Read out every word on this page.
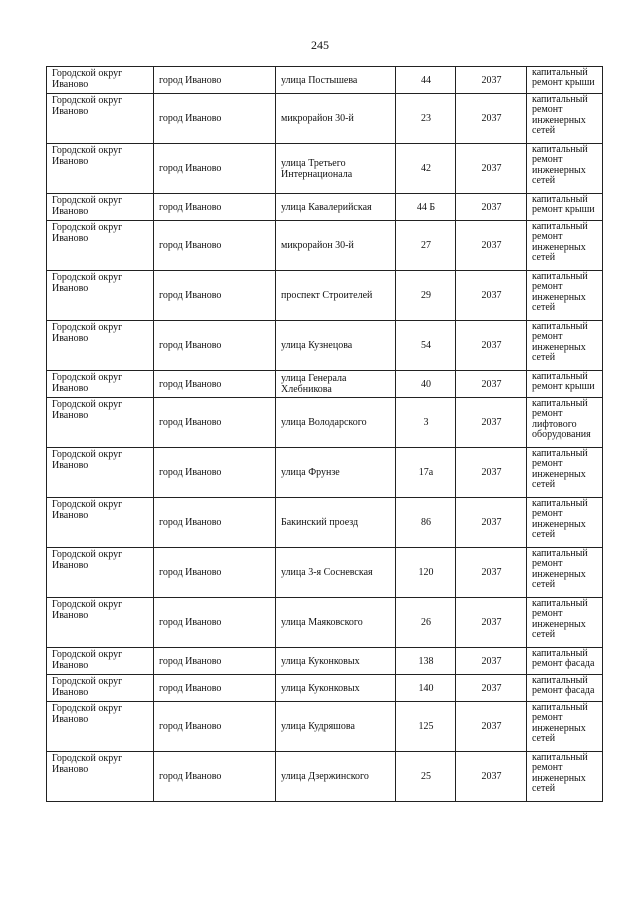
245
Городской округ Иваново	город Иваново	улица Постышева	44	2037	капитальный ремонт крыши
Городской округ Иваново	город Иваново	микрорайон 30-й	23	2037	капитальный ремонт инженерных сетей
Городской округ Иваново	город Иваново	улица Третьего Интернационала	42	2037	капитальный ремонт инженерных сетей
Городской округ Иваново	город Иваново	улица Кавалерийская	44 Б	2037	капитальный ремонт крыши
Городской округ Иваново	город Иваново	микрорайон 30-й	27	2037	капитальный ремонт инженерных сетей
Городской округ Иваново	город Иваново	проспект Строителей	29	2037	капитальный ремонт инженерных сетей
Городской округ Иваново	город Иваново	улица Кузнецова	54	2037	капитальный ремонт инженерных сетей
Городской округ Иваново	город Иваново	улица Генерала Хлебникова	40	2037	капитальный ремонт крыши
Городской округ Иваново	город Иваново	улица Володарского	3	2037	капитальный ремонт лифтового оборудования
Городской округ Иваново	город Иваново	улица Фрунзе	17а	2037	капитальный ремонт инженерных сетей
Городской округ Иваново	город Иваново	Бакинский проезд	86	2037	капитальный ремонт инженерных сетей
Городской округ Иваново	город Иваново	улица 3-я Сосневская	120	2037	капитальный ремонт инженерных сетей
Городской округ Иваново	город Иваново	улица Маяковского	26	2037	капитальный ремонт инженерных сетей
Городской округ Иваново	город Иваново	улица Куконковых	138	2037	капитальный ремонт фасада
Городской округ Иваново	город Иваново	улица Куконковых	140	2037	капитальный ремонт фасада
Городской округ Иваново	город Иваново	улица Кудряшова	125	2037	капитальный ремонт инженерных сетей
Городской округ Иваново	город Иваново	улица Дзержинского	25	2037	капитальный ремонт инженерных сетей
